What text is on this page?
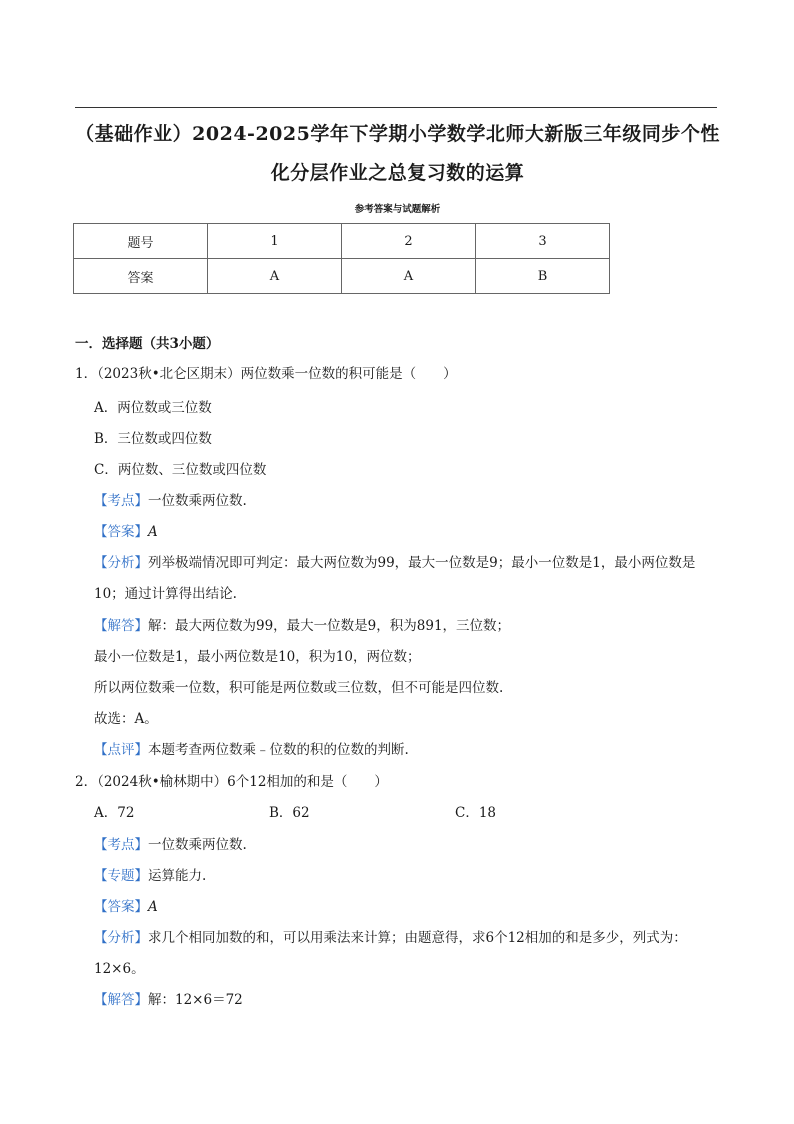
（基础作业）2024-2025学年下学期小学数学北师大新版三年级同步个性
化分层作业之总复习数的运算
参考答案与试题解析
题号	1	2	3
答案	A	A	B
一．选择题（共3小题）
1．（2023秋•北仑区期末）两位数乘一位数的积可能是（　　）
A．两位数或三位数
B．三位数或四位数
C．两位数、三位数或四位数
【考点】一位数乘两位数.
【答案】A
【分析】列举极端情况即可判定：最大两位数为99，最大一位数是9；最小一位数是1，最小两位数是
10；通过计算得出结论.
【解答】解：最大两位数为99，最大一位数是9，积为891，三位数；
最小一位数是1，最小两位数是10，积为10，两位数；
所以两位数乘一位数，积可能是两位数或三位数，但不可能是四位数.
故选：A。
【点评】本题考查两位数乘﹣位数的积的位数的判断.
2．（2024秋•榆林期中）6个12相加的和是（　　）
A．72	B．62	C．18
【考点】一位数乘两位数.
【专题】运算能力.
【答案】A
【分析】求几个相同加数的和，可以用乘法来计算；由题意得，求6个12相加的和是多少，列式为：
12×6。
【解答】解：12×6＝72
